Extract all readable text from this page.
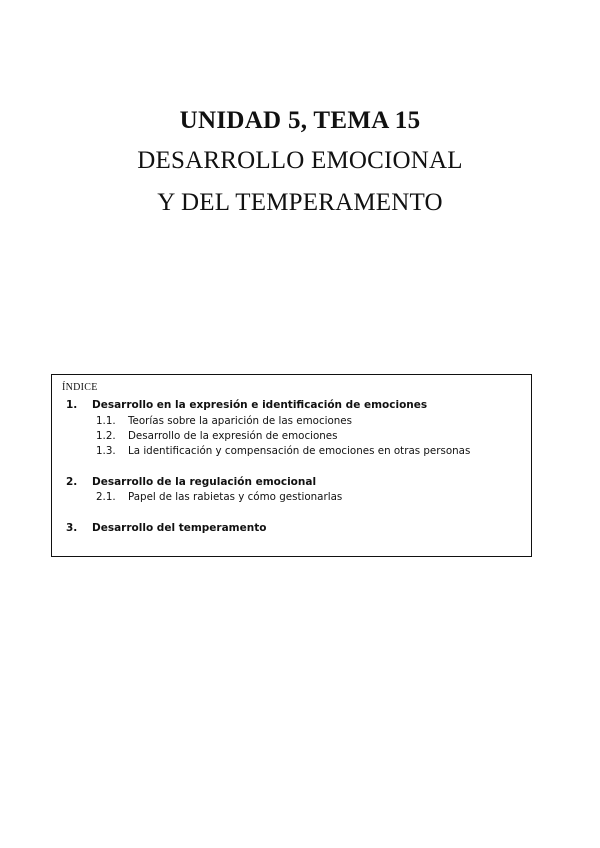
UNIDAD 5, TEMA 15

DESARROLLO EMOCIONAL

Y DEL TEMPERAMENTO

ÍNDICE
1. Desarrollo en la expresión e identificación de emociones
1.1. Teorías sobre la aparición de las emociones
1.2. Desarrollo de la expresión de emociones
1.3. La identificación y compensación de emociones en otras personas
2. Desarrollo de la regulación emocional
2.1. Papel de las rabietas y cómo gestionarlas
3. Desarrollo del temperamento
